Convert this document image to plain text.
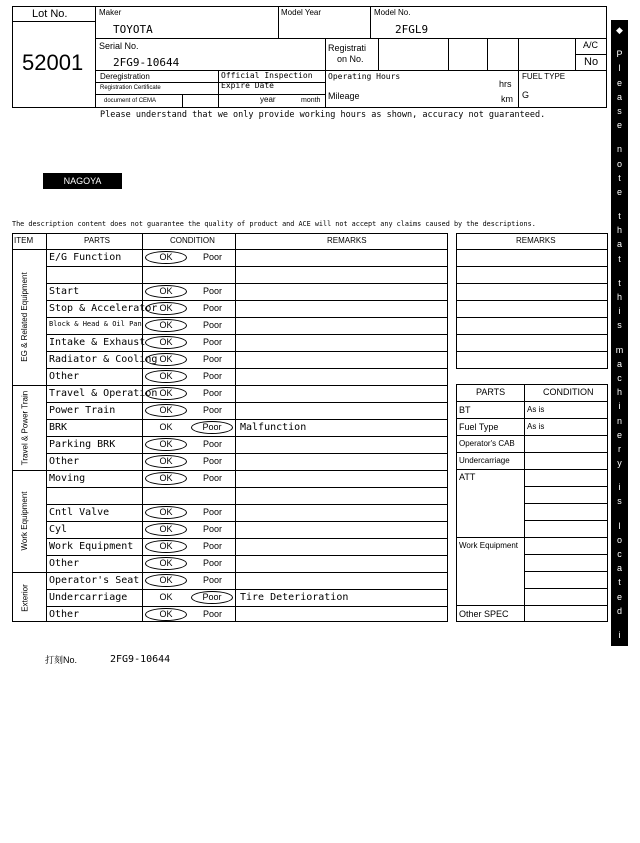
Lot No.
52001
Maker
TOYOTA
Model Year	Model No.
2FGL9
Serial No.
2FG9-10644
Registrati
on No.
A/C
No
Deregistration
Registration Certificate
document of CEMA
Official Inspection
Expire Date
year	month
Operating Hours
hrs
Mileage	km
FUEL TYPE
G
Please understand that we only provide working hours as shown, accuracy not guaranteed.
NAGOYA
The description content does not guarantee the quality of product and ACE will not accept any claims caused by the descriptions.
◆
P
l
e
a
s
e
n
o
t
e
t
h
a
t
t
h
i
s
m
a
c
h
i
n
e
r
y
i
s
l
o
c
a
t
e
d
i
n
N
a
g
o
y
a
Y
a
r
d
◆
ITEM	PARTS	CONDITION	REMARKS
EG & Related Equipment
E/G Function	OK	Poor
Start	OK	Poor
Stop & Accelerator OK	Poor
Block & Head & Oil Pan	OK	Poor
Intake & Exhaust	OK	Poor
Radiator & Cooling OK	Poor
Other	OK	Poor
Travel & Power Train	Travel & Operation OK	Poor
Power Train	OK	Poor
BRK	OK	Poor	Malfunction
Parking BRK	OK	Poor
Other	OK	Poor
Work Equipment
Moving	OK	Poor
Cntl Valve	OK	Poor
Cyl	OK	Poor
Work Equipment	OK	Poor
Other	OK	Poor
Exterior
Operator's Seat	OK	Poor
Undercarriage	OK	Poor	Tire Deterioration
Other	OK	Poor
REMARKS
PARTS	CONDITION
BT	As is
Fuel Type	As is
Operator's CAB
Undercarriage
ATT
Work Equipment
Other SPEC
打刻No.	2FG9-10644
